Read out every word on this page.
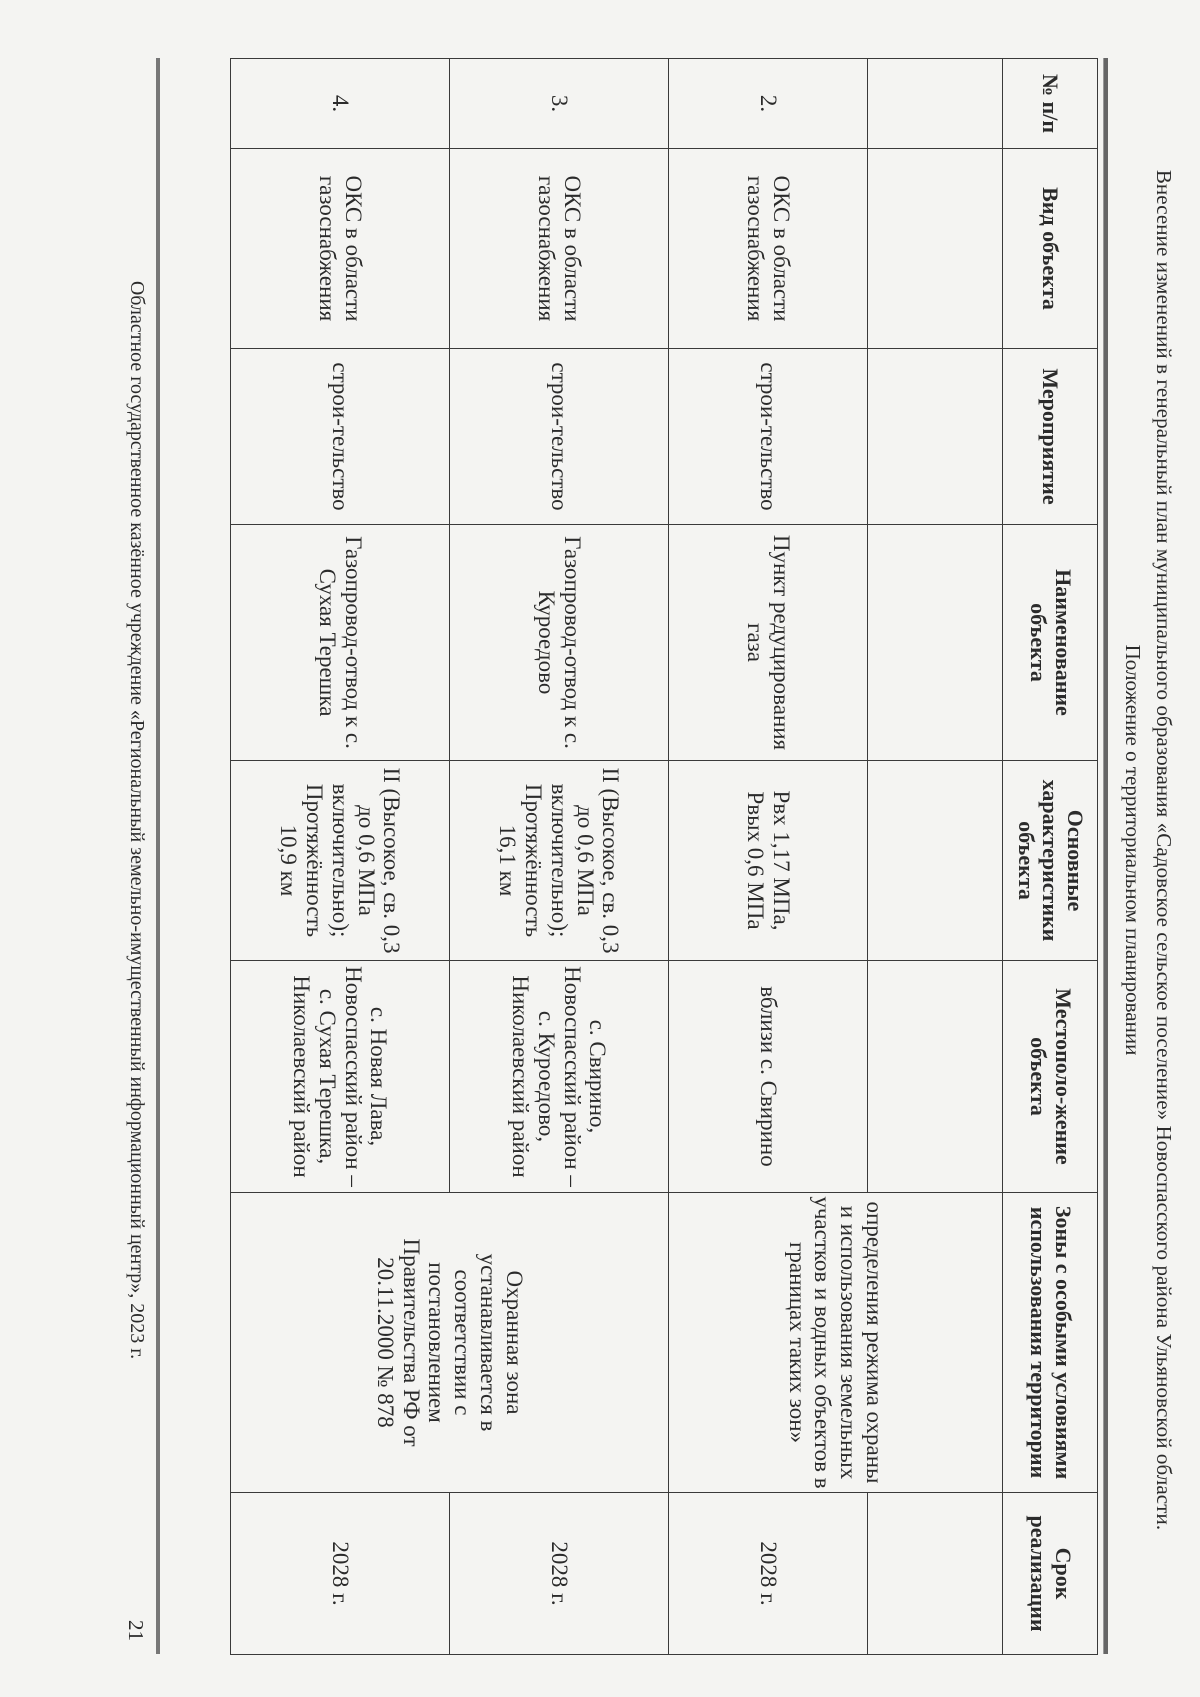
Внесение изменений в генеральный план муниципального образования «Садовское сельское поселение» Новоспасского района Ульяновской области.
Положение о территориальном планировании
№ п/п	Вид объекта	Мероприятие	Наименование объекта	Основные характеристики объекта	Местополо-жение объекта	Зоны с особыми условиями использования территории	Срок реализации
						определения режима охраны и использования земельных участков и водных объектов в границах таких зон»	
2.	ОКС в области газоснабжения	строи-тельство	Пункт редуцирования газа	Рвх 1,17 МПа, Рвых 0,6 МПа	вблизи с. Свирино		2028 г.
3.	ОКС в области газоснабжения	строи-тельство	Газопровод-отвод к с. Куроедово	II (Высокое, св. 0,3 до 0,6 МПа включительно); Протяжённость 16,1 км	с. Свирино, Новоспасский район – с. Куроедово, Николаевский район	Охранная зона устанавливается в соответствии с постановлением Правительства РФ от 20.11.2000 № 878	2028 г.
4.	ОКС в области газоснабжения	строи-тельство	Газопровод-отвод к с. Сухая Терешка	II (Высокое, св. 0,3 до 0,6 МПа включительно); Протяжённость 10,9 км	с. Новая Лава, Новоспасский район – с. Сухая Терешка, Николаевский район		2028 г.
Областное государственное казённое учреждение «Региональный земельно-имущественный информационный центр», 2023 г.
21
